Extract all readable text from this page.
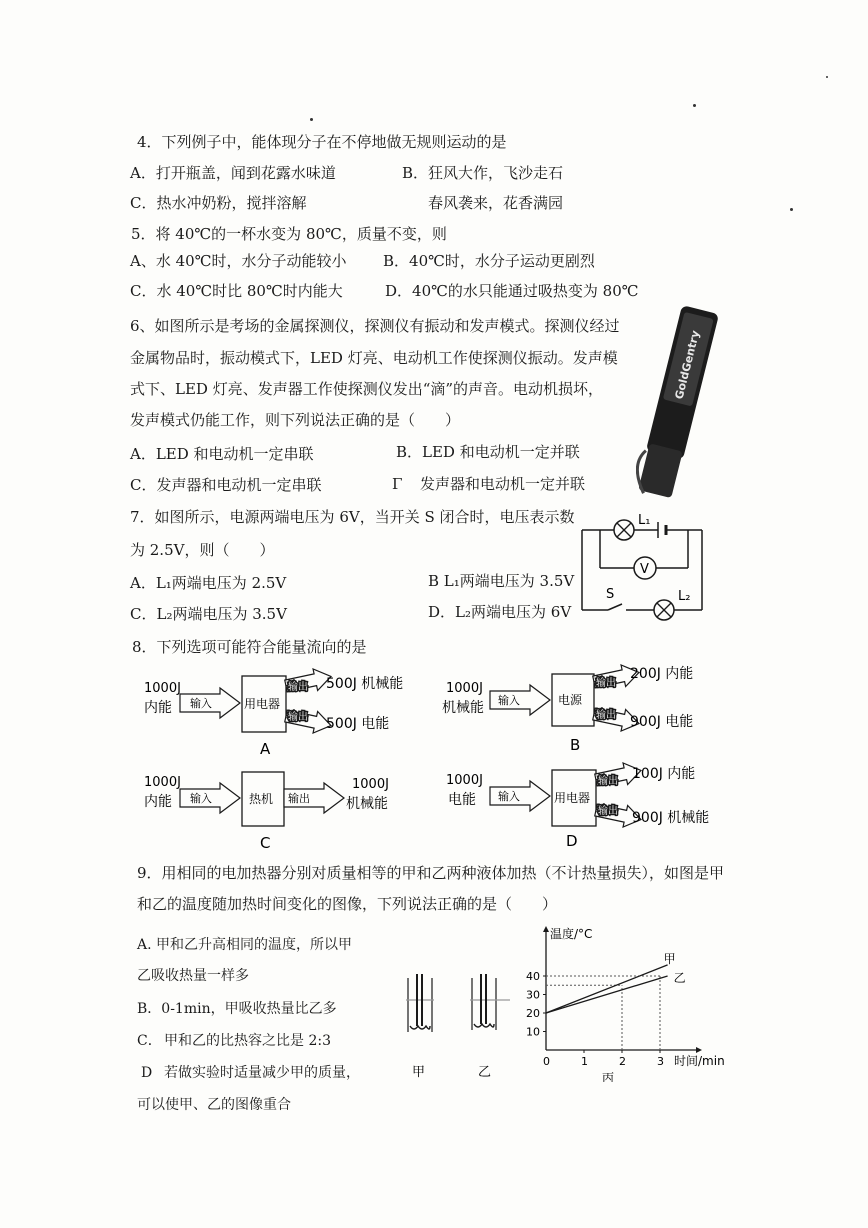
4．下列例子中，能体现分子在不停地做无规则运动的是
A．打开瓶盖，闻到花露水味道	B．狂风大作，飞沙走石
C．热水冲奶粉，搅拌溶解	春风袭来，花香满园
5．将 40℃的一杯水变为 80℃，质量不变，则
A、水 40℃时，水分子动能较小 B．40℃时，水分子运动更剧烈
C．水 40℃时比 80℃时内能大	D．40℃的水只能通过吸热变为 80℃
6、如图所示是考场的金属探测仪，探测仪有振动和发声模式。探测仪经过
金属物品时，振动模式下，LED 灯亮、电动机工作使探测仪振动。发声模
式下、LED 灯亮、发声器工作使探测仪发出“滴”的声音。电动机损坏，
发声模式仍能工作，则下列说法正确的是（　　）
A．LED 和电动机一定串联	B．LED 和电动机一定并联
C．发声器和电动机一定串联	Γ 发声器和电动机一定并联
GoldGentry
7．如图所示，电源两端电压为 6V，当开关 S 闭合时，电压表示数
为 2.5V，则（　　）
A．L₁两端电压为 2.5V	B L₁两端电压为 3.5V
C．L₂两端电压为 3.5V	D．L₂两端电压为 6V
L₁
V
S	L₂
8．下列选项可能符合能量流向的是
1000J
内能 输入	用电器
输出
输出
500J 机械能
500J 电能
A
1000J
机械能 输入	电源
输出
输出
200J 内能
900J 电能
B
1000J
内能 输入	热机 输出
1000J
机械能
C
1000J
电能 输入	用电器
输出
输出
100J 内能
900J 机械能
D
9．用相同的电加热器分别对质量相等的甲和乙两种液体加热（不计热量损失），如图是甲
和乙的温度随加热时间变化的图像，下列说法正确的是（　　）
A. 甲和乙升高相同的温度，所以甲
乙吸收热量一样多
B．0-1min，甲吸收热量比乙多
C． 甲和乙的比热容之比是 2:3
D 若做实验时适量减少甲的质量，
可以使甲、乙的图像重合
甲	乙
10
20
30
40
0	1	2	3
甲
乙
温度/°C
时间/min
丙
